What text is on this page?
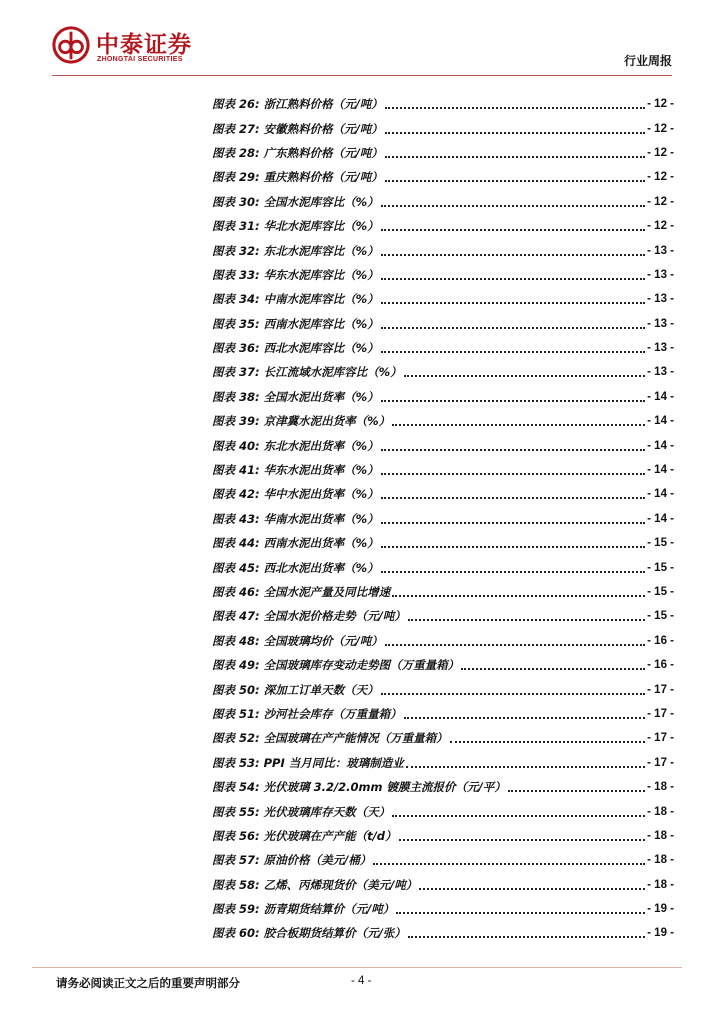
中泰证券
ZHONGTAI SECURITIES	行业周报
图表 26: 浙江熟料价格（元/吨）	- 12 -
图表 27: 安徽熟料价格（元/吨）	- 12 -
图表 28: 广东熟料价格（元/吨）	- 12 -
图表 29: 重庆熟料价格（元/吨）	- 12 -
图表 30: 全国水泥库容比（%）	- 12 -
图表 31: 华北水泥库容比（%）	- 12 -
图表 32: 东北水泥库容比（%）	- 13 -
图表 33: 华东水泥库容比（%）	- 13 -
图表 34: 中南水泥库容比（%）	- 13 -
图表 35: 西南水泥库容比（%）	- 13 -
图表 36: 西北水泥库容比（%）	- 13 -
图表 37: 长江流域水泥库容比（%）	- 13 -
图表 38: 全国水泥出货率（%）	- 14 -
图表 39: 京津冀水泥出货率（%）	- 14 -
图表 40: 东北水泥出货率（%）	- 14 -
图表 41: 华东水泥出货率（%）	- 14 -
图表 42: 华中水泥出货率（%）	- 14 -
图表 43: 华南水泥出货率（%）	- 14 -
图表 44: 西南水泥出货率（%）	- 15 -
图表 45: 西北水泥出货率（%）	- 15 -
图表 46: 全国水泥产量及同比增速	- 15 -
图表 47: 全国水泥价格走势（元/吨）	- 15 -
图表 48: 全国玻璃均价（元/吨）	- 16 -
图表 49: 全国玻璃库存变动走势图（万重量箱）	- 16 -
图表 50: 深加工订单天数（天）	- 17 -
图表 51: 沙河社会库存（万重量箱）	- 17 -
图表 52: 全国玻璃在产产能情况（万重量箱）	- 17 -
图表 53: PPI 当月同比：玻璃制造业	- 17 -
图表 54: 光伏玻璃 3.2/2.0mm 镀膜主流报价（元/平）	- 18 -
图表 55: 光伏玻璃库存天数（天）	- 18 -
图表 56: 光伏玻璃在产产能（t/d）	- 18 -
图表 57: 原油价格（美元/桶）	- 18 -
图表 58: 乙烯、丙烯现货价（美元/吨）	- 18 -
图表 59: 沥青期货结算价（元/吨）	- 19 -
图表 60: 胶合板期货结算价（元/张）	- 19 -
请务必阅读正文之后的重要声明部分	- 4 -
